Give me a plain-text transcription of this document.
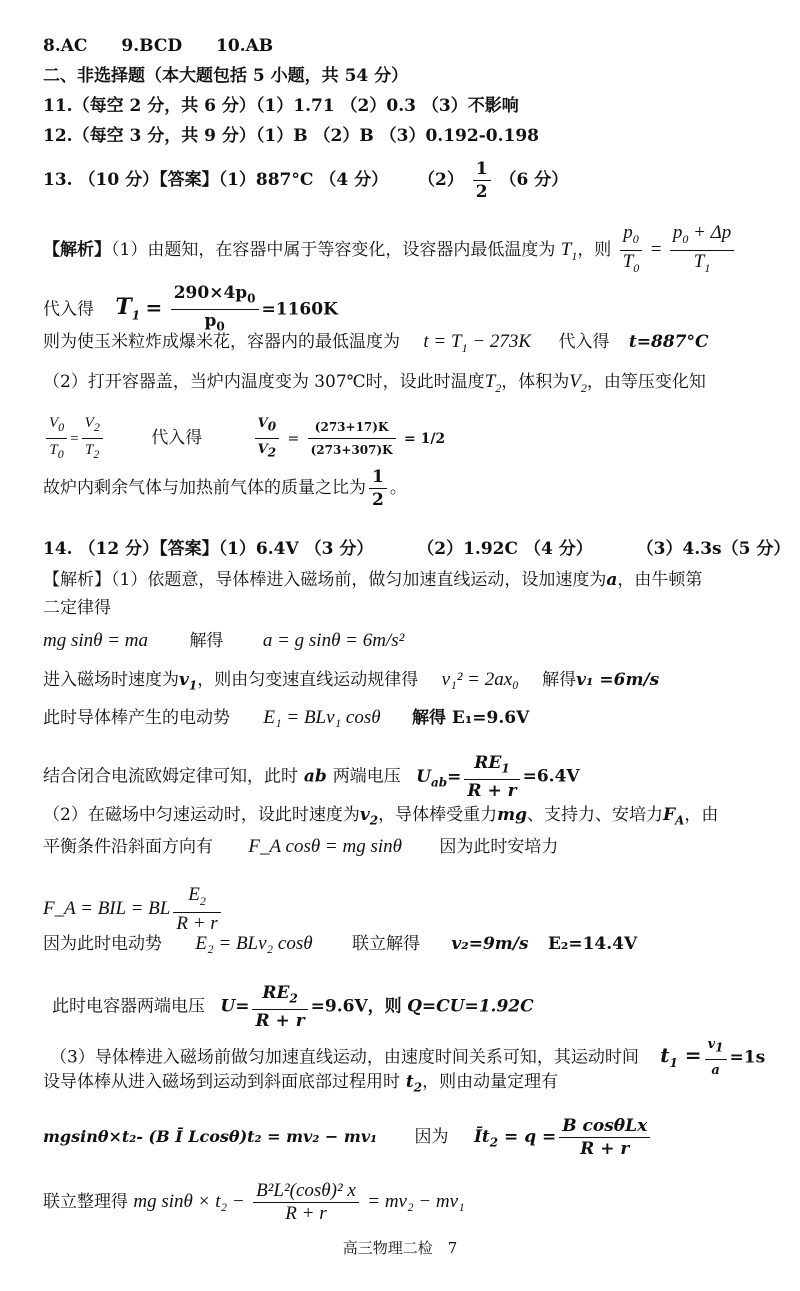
8.AC 9.BCD 10.AB
二、非选择题（本大题包括 5 小题，共 54 分）
11.（每空 2 分，共 6 分）（1）1.71 （2）0.3 （3）不影响
12.（每空 3 分，共 9 分）（1）B （2）B （3）0.192-0.198
13. （10 分）【答案】（1）887°C （4 分） $(2) \frac{1}{2} (6$ 分）
【解析】（1）由题知，在容器中属于等容变化，设容器内最低温度为 $T_1$，则 $\frac{p_0}{T_0} = \frac{p_0 + \Delta p}{T_1}$
代入得 $T_1 = \frac{290\times 4p_0}{p_0} =1160K$
则为使玉米粒炸成爆米花，容器内的最低温度为 $t = T_1 - 273K$ 代入得 t=887°C
（2）打开容器盖，当炉内温度变为 307℃时，设此时温度$T_2$，体积为$V_2$，由等压变化知
$\frac{V_0}{T_0} = \frac{V_2}{T_2}$	代入得	$\frac{V_0}{V_2} = \frac{(273+17)K}{(273+307)K} = 1/2$
故炉内剩余气体与加热前气体的质量之比为 $\frac{1}{2}$ 。
14. （12 分）【答案】（1）6.4V （3 分）	（2）1.92C （4 分）	（3）4.3s（5 分）
【解析】（1）依题意，导体棒进入磁场前，做匀加速直线运动，设加速度为a，由牛顿第
二定律得
mg sinθ = ma 解得 a = g sinθ = 6m/s²
进入磁场时速度为$v_1$，则由匀变速直线运动规律得 v₁² = 2ax₀ 解得v₁ =6m/s
此时导体棒产生的电动势 E₁ = BLv₁ cosθ 解得 E₁=9.6V
结合闭合电流欧姆定律可知，此时 ab 两端电压 $U_{ab}= \frac{RE_1}{R + r} =6.4V$
（2）在磁场中匀速运动时，设此时速度为$v_2$，导体棒受重力mg、支持力、安培力$F_A$，由
平衡条件沿斜面方向有 F_A cosθ = mg sinθ 因为此时安培力
F_A = BIL = BL $\frac{E_2}{R + r}$
因为此时电动势 E₂ = BLv₂ cosθ 联立解得 v₂=9m/s E₂=14.4V
此时电容器两端电压 $U= \frac{RE_2}{R + r} =9.6V$，则 Q=CU=1.92C
（3）导体棒进入磁场前做匀加速直线运动，由速度时间关系可知，其运动时间 $t_1 = \frac{v_1}{a} =1s$
设导体棒从进入磁场到运动到斜面底部过程用时 $t_2$，则由动量定理有
mgsinθ×t₂- (B Ī Lcosθ)t₂ = mv₂ − mv₁ 因为 $Īt_2 = q = \frac{\text{B cosθLx}}{R + r}$
联立整理得 mg $\sin\theta \times t_2 - \frac{\text{B²L²(cosθ)² x}}{R + r} = mv_2 - mv_1$
高三物理二检　7
